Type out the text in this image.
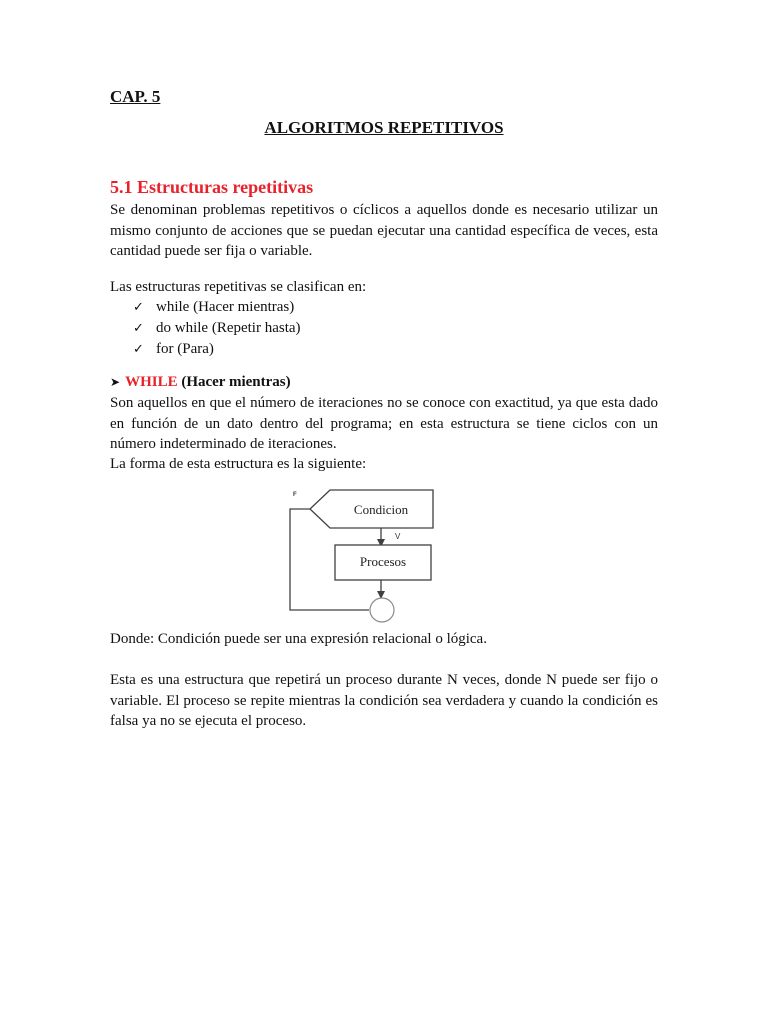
CAP. 5
ALGORITMOS REPETITIVOS
5.1 Estructuras repetitivas
Se denominan problemas repetitivos o cíclicos a aquellos donde es necesario utilizar un mismo conjunto de acciones que se puedan ejecutar una cantidad específica de veces, esta cantidad puede ser fija o variable.
Las estructuras repetitivas se clasifican en:
✓ while (Hacer mientras)
✓ do while (Repetir hasta)
✓ for (Para)
➤ WHILE (Hacer mientras)
Son aquellos en que el número de iteraciones no se conoce con exactitud, ya que esta dado en función de un dato dentro del programa; en esta estructura se tiene ciclos con un número indeterminado de iteraciones.
La forma de esta estructura es la siguiente:
Condicion
F
V
Procesos
Donde: Condición puede ser una expresión relacional o lógica.
Esta es una estructura que repetirá un proceso durante N veces, donde N puede ser fijo o variable. El proceso se repite mientras la condición sea verdadera y cuando la condición es falsa ya no se ejecuta el proceso.
